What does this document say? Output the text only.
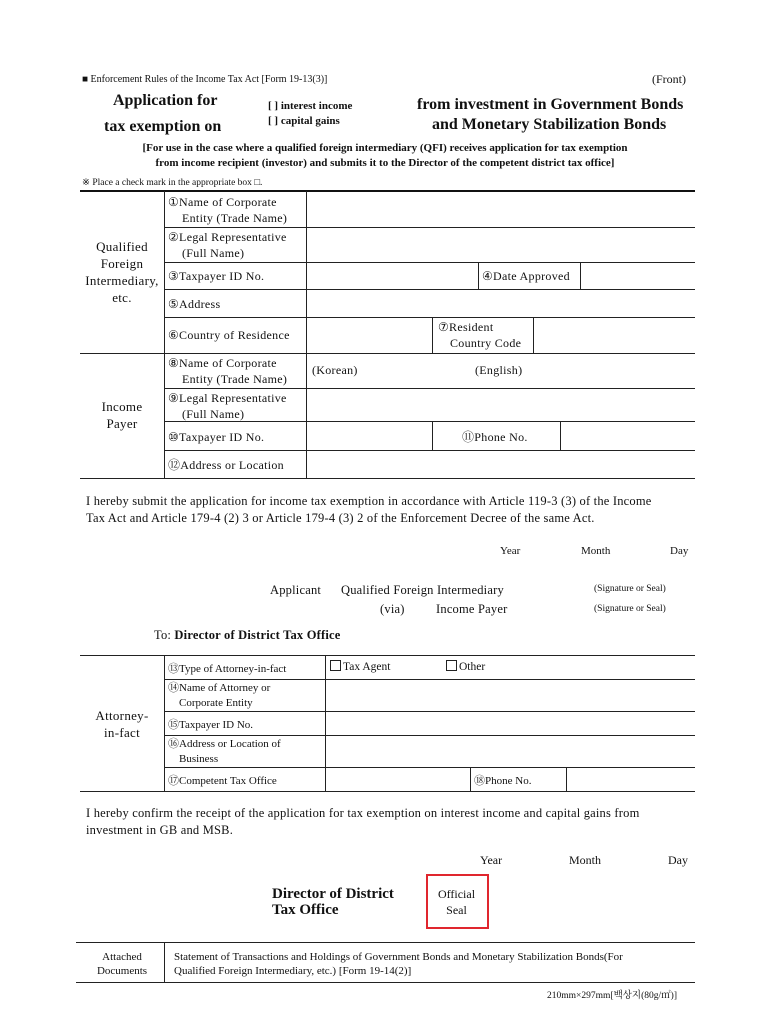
■ Enforcement Rules of the Income Tax Act [Form 19-13(3)]	(Front)
Application for
tax exemption on
[ ] interest income
[ ] capital gains
from investment in Government Bonds
and Monetary Stabilization Bonds
[For use in the case where a qualified foreign intermediary (QFI) receives application for tax exemption
from income recipient (investor) and submits it to the Director of the competent district tax office]
※ Place a check mark in the appropriate box □.
Qualified
Foreign
Intermediary,
etc.
①Name of Corporate
Entity (Trade Name)
②Legal Representative
(Full Name)
③Taxpayer ID No.	④Date Approved
⑤Address
⑥Country of Residence
⑦Resident
Country Code
Income
Payer
⑧Name of Corporate
Entity (Trade Name)
(Korean)	(English)
⑨Legal Representative
(Full Name)
⑩Taxpayer ID No.	⑪Phone No.
⑫Address or Location
I hereby submit the application for income tax exemption in accordance with Article 119-3 (3) of the Income
Tax Act and Article 179-4 (2) 3 or Article 179-4 (3) 2 of the Enforcement Decree of the same Act.
Year	Month	Day
Applicant Qualified Foreign Intermediary
(via)	Income Payer
(Signature or Seal)
(Signature or Seal)
To: Director of District Tax Office
Attorney-
in-fact
⑬Type of Attorney-in-fact	Tax Agent	Other
⑭Name of Attorney or
Corporate Entity
⑮Taxpayer ID No.
⑯Address or Location of
Business
⑰Competent Tax Office	⑱Phone No.
I hereby confirm the receipt of the application for tax exemption on interest income and capital gains from
investment in GB and MSB.
Year	Month	Day
Director of District
Tax Office
Official
Seal
Attached
Documents
Statement of Transactions and Holdings of Government Bonds and Monetary Stabilization Bonds(For
Qualified Foreign Intermediary, etc.) [Form 19-14(2)]
210mm×297mm[백상지(80g/㎡)]
